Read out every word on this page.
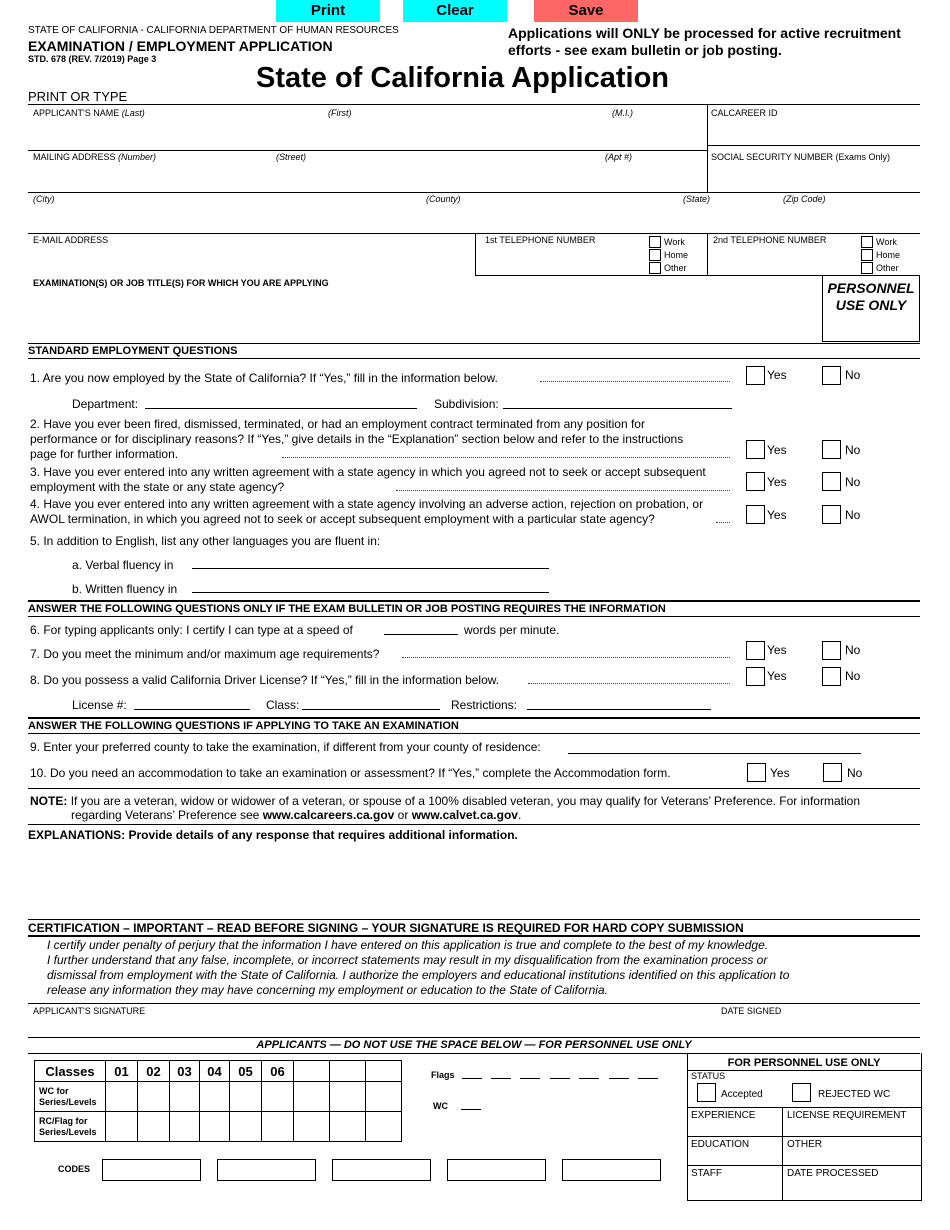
Print	Clear	Save
STATE OF CALIFORNIA - CALIFORNIA DEPARTMENT OF HUMAN RESOURCES
EXAMINATION / EMPLOYMENT APPLICATION
STD. 678 (REV. 7/2019) Page 3
Applications will ONLY be processed for active recruitment efforts - see exam bulletin or job posting.
State of California Application
PRINT OR TYPE
APPLICANT'S NAME (Last)	(First)	(M.I.)	CALCAREER ID
MAILING ADDRESS (Number)	(Street)	(Apt #)	SOCIAL SECURITY NUMBER (Exams Only)
(City)	(County)	(State)	(Zip Code)
E-MAIL ADDRESS	1st TELEPHONE NUMBER	2nd TELEPHONE NUMBER
Work
Home
Other
Work
Home
Other
EXAMINATION(S) OR JOB TITLE(S) FOR WHICH YOU ARE APPLYING	PERSONNEL USE ONLY
STANDARD EMPLOYMENT QUESTIONS
1. Are you now employed by the State of California? If “Yes,” fill in the information below.	Yes	No
Department:	Subdivision:
2. Have you ever been fired, dismissed, terminated, or had an employment contract terminated from any position for performance or for disciplinary reasons? If “Yes,” give details in the “Explanation” section below and refer to the instructions page for further information.	Yes	No
3. Have you ever entered into any written agreement with a state agency in which you agreed not to seek or accept subsequent employment with the state or any state agency?	Yes	No
4. Have you ever entered into any written agreement with a state agency involving an adverse action, rejection on probation, or AWOL termination, in which you agreed not to seek or accept subsequent employment with a particular state agency?	Yes	No
5. In addition to English, list any other languages you are fluent in:
a. Verbal fluency in
b. Written fluency in
ANSWER THE FOLLOWING QUESTIONS ONLY IF THE EXAM BULLETIN OR JOB POSTING REQUIRES THE INFORMATION
6. For typing applicants only: I certify I can type at a speed of	words per minute.
7. Do you meet the minimum and/or maximum age requirements?	Yes	No
8. Do you possess a valid California Driver License? If “Yes,” fill in the information below.	Yes	No
License #:	Class:	Restrictions:
ANSWER THE FOLLOWING QUESTIONS IF APPLYING TO TAKE AN EXAMINATION
9. Enter your preferred county to take the examination, if different from your county of residence:
10. Do you need an accommodation to take an examination or assessment? If “Yes,” complete the Accommodation form.	Yes	No
NOTE: If you are a veteran, widow or widower of a veteran, or spouse of a 100% disabled veteran, you may qualify for Veterans’ Preference. For information
regarding Veterans’ Preference see www.calcareers.ca.gov or www.calvet.ca.gov.
EXPLANATIONS: Provide details of any response that requires additional information.
CERTIFICATION – IMPORTANT – READ BEFORE SIGNING – YOUR SIGNATURE IS REQUIRED FOR HARD COPY SUBMISSION
I certify under penalty of perjury that the information I have entered on this application is true and complete to the best of my knowledge.
I further understand that any false, incomplete, or incorrect statements may result in my disqualification from the examination process or
dismissal from employment with the State of California. I authorize the employers and educational institutions identified on this application to
release any information they may have concerning my employment or education to the State of California.
APPLICANT'S SIGNATURE	DATE SIGNED
APPLICANTS — DO NOT USE THE SPACE BELOW — FOR PERSONNEL USE ONLY
Classes	01	02	03	04	05	06			
WC for Series/Levels									
RC/Flag for Series/Levels									
CODES
Flags
WC
FOR PERSONNEL USE ONLY
STATUS
Accepted	REJECTED WC
EXPERIENCE	LICENSE REQUIREMENT
EDUCATION	OTHER
STAFF	DATE PROCESSED
